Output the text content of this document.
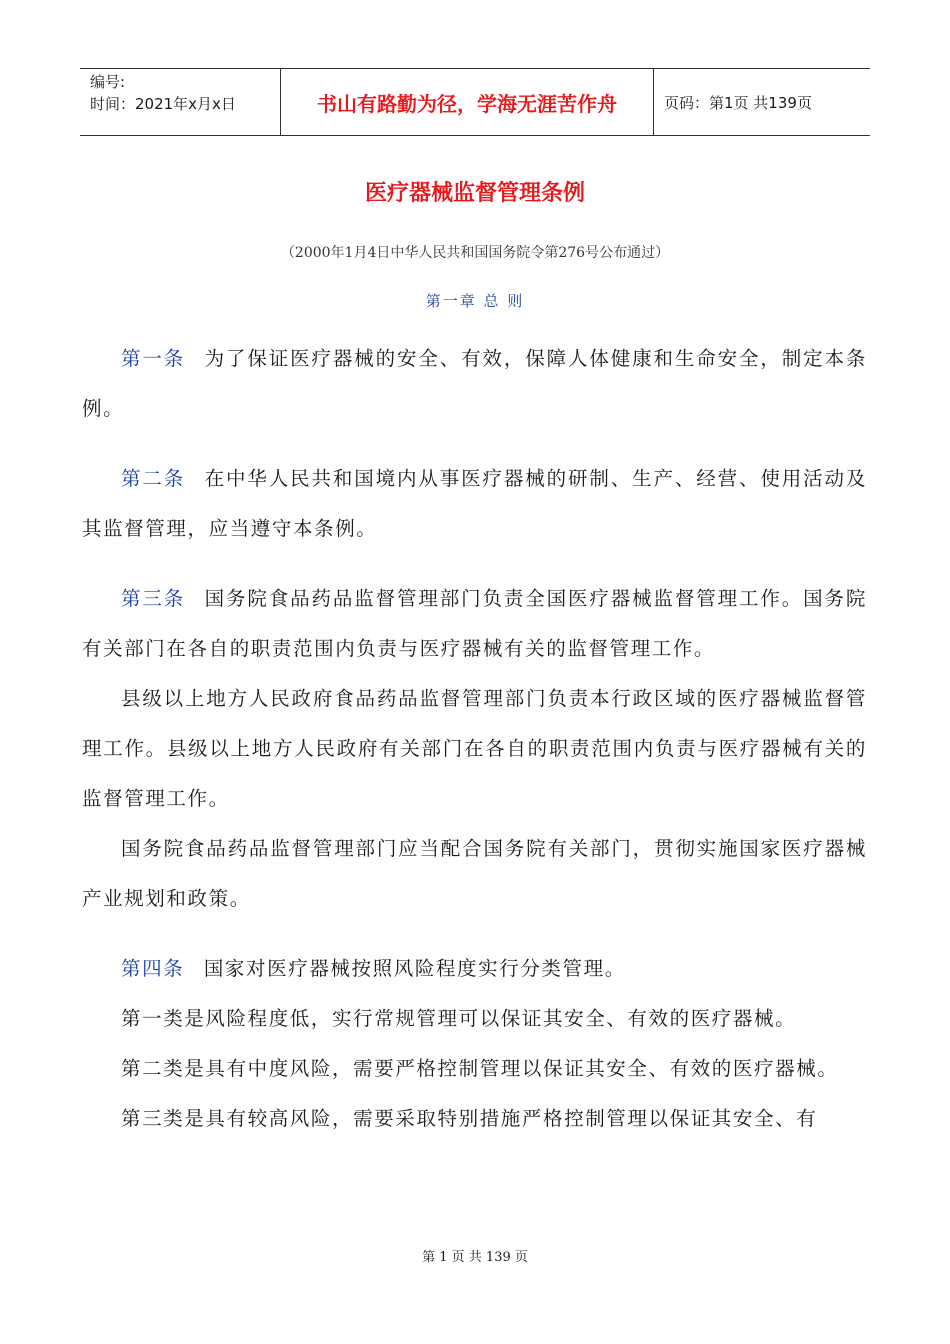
编号:
时间：2021年x月x日	书山有路勤为径，学海无涯苦作舟	页码：第1页 共139页
医疗器械监督管理条例
（2000年1月4日中华人民共和国国务院令第276号公布通过）
第一章 总 则

第一条 为了保证医疗器械的安全、有效，保障人体健康和生命安全，制定本条例。

第二条 在中华人民共和国境内从事医疗器械的研制、生产、经营、使用活动及其监督管理，应当遵守本条例。

第三条 国务院食品药品监督管理部门负责全国医疗器械监督管理工作。国务院有关部门在各自的职责范围内负责与医疗器械有关的监督管理工作。

县级以上地方人民政府食品药品监督管理部门负责本行政区域的医疗器械监督管理工作。县级以上地方人民政府有关部门在各自的职责范围内负责与医疗器械有关的监督管理工作。

国务院食品药品监督管理部门应当配合国务院有关部门，贯彻实施国家医疗器械产业规划和政策。

第四条 国家对医疗器械按照风险程度实行分类管理。

第一类是风险程度低，实行常规管理可以保证其安全、有效的医疗器械。

第二类是具有中度风险，需要严格控制管理以保证其安全、有效的医疗器械。

第三类是具有较高风险，需要采取特别措施严格控制管理以保证其安全、有

第 1 页 共 139 页
